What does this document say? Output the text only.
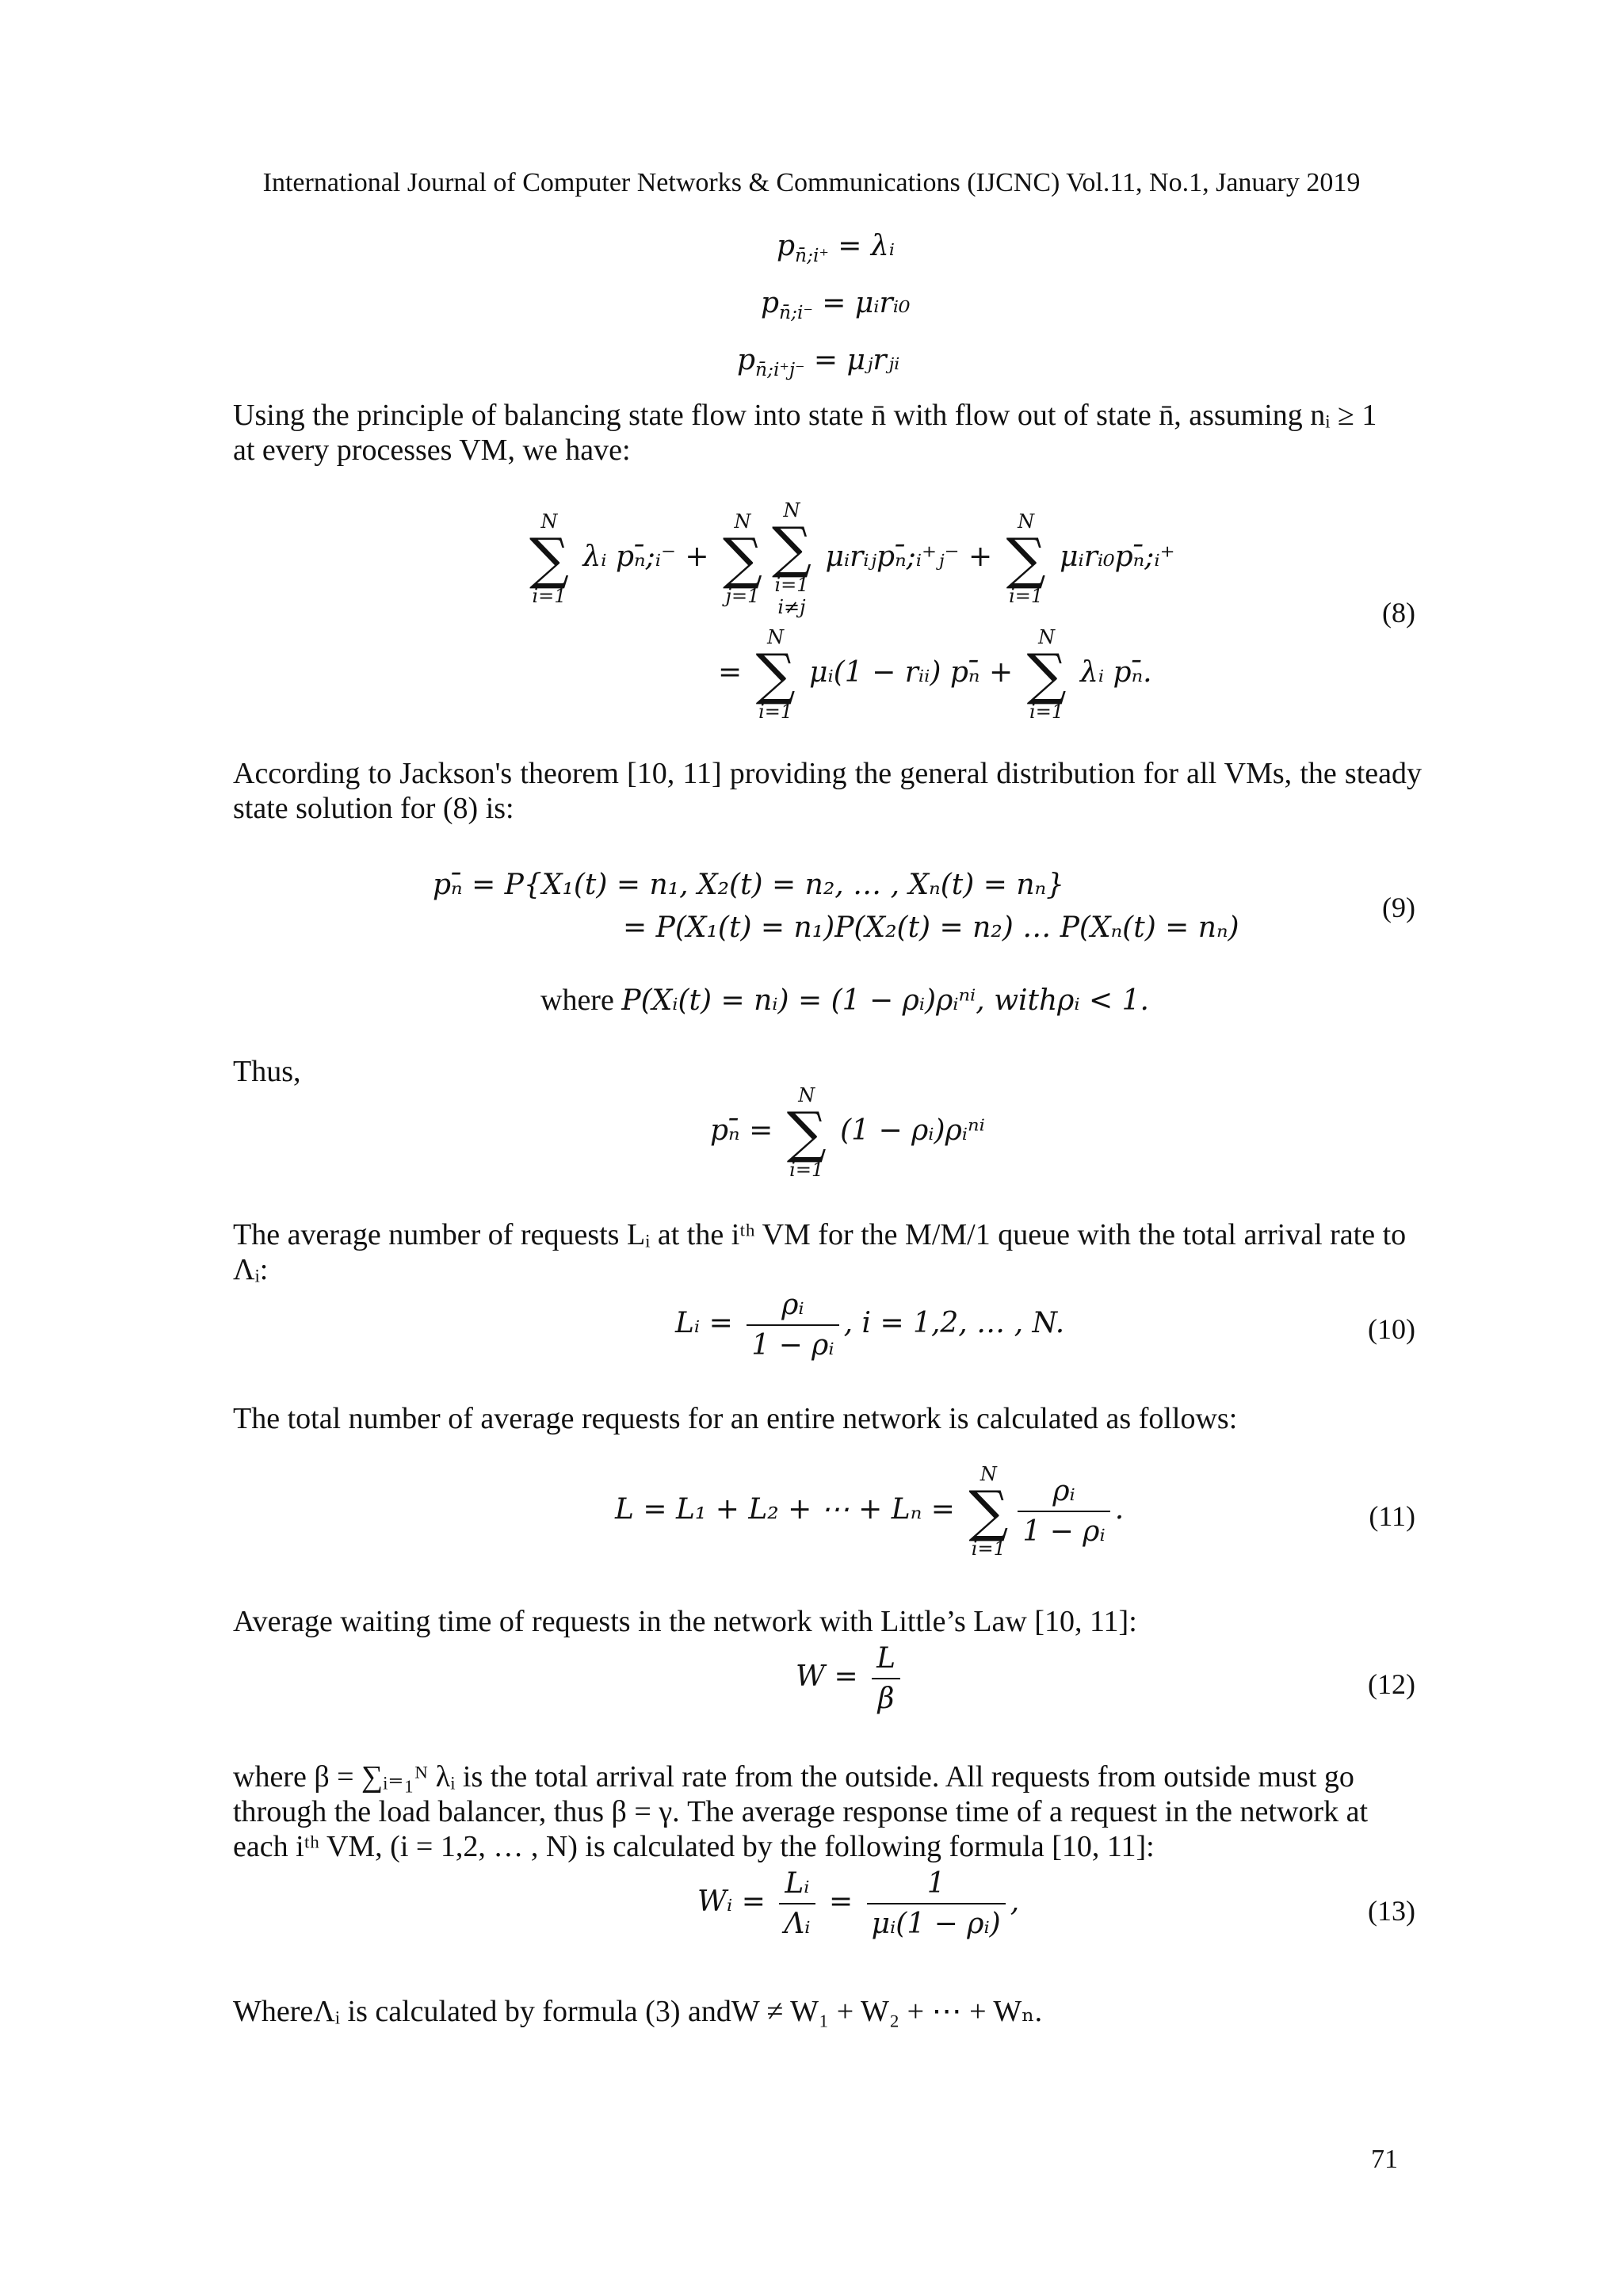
International Journal of Computer Networks & Communications (IJCNC) Vol.11, No.1, January 2019
$p_{n̄;i^+}$ = λᵢ
$p_{n̄;i^-}$ = μᵢrᵢ₀
$p_{n̄;i^+j^-}$ = μⱼrⱼᵢ
Using the principle of balancing state flow into state n̄ with flow out of state n̄, assuming nᵢ ≥ 1
at every processes VM, we have:
N
∑
i=1
λᵢ pₙ̄;ᵢ⁻ +
N
∑
j=1
N
∑
i=1
i≠j
μᵢrᵢⱼpₙ̄;ᵢ⁺ⱼ⁻ +
N
∑
i=1
μᵢrᵢ₀pₙ̄;ᵢ⁺
(8)
=
N
∑
i=1
μᵢ(1 − rᵢᵢ) pₙ̄ +
N
∑
i=1
λᵢ pₙ̄.
According to Jackson's theorem [10, 11] providing the general distribution for all VMs, the steady state solution for (8) is:
pₙ̄ = P{X₁(t) = n₁, X₂(t) = n₂, … , Xₙ(t) = nₙ}
= P(X₁(t) = n₁)P(X₂(t) = n₂) … P(Xₙ(t) = nₙ)
(9)
where P(Xᵢ(t) = nᵢ) = (1 − ρᵢ)ρᵢⁿⁱ, withρᵢ < 1.
Thus,
pₙ̄ =
N
∑
i=1
(1 − ρᵢ)ρᵢⁿⁱ
The average number of requests Lᵢ at the iᵗʰ VM for the M/M/1 queue with the total arrival rate to
Λᵢ:
Lᵢ = $\frac{\text{ρᵢ}}{\text{1 − ρᵢ}}$ , i = 1,2, … , N.	(10)
The total number of average requests for an entire network is calculated as follows:
L = L₁ + L₂ + ⋯ + Lₙ =
N
∑
i=1
$\frac{\text{ρᵢ}}{\text{1 − ρᵢ}}$ .	(11)
Average waiting time of requests in the network with Little’s Law [10, 11]:
$W = \frac{L}{\beta}$	(12)
where β = ∑ᵢ₌₁ᴺ λᵢ is the total arrival rate from the outside. All requests from outside must go
through the load balancer, thus β = γ. The average response time of a request in the network at
each iᵗʰ VM, (i = 1,2, … , N) is calculated by the following formula [10, 11]:
Wᵢ = $\frac{\text{Lᵢ}}{\text{Λᵢ}} = \frac{1}{\text{μᵢ(1 − ρᵢ)}}$ ,	(13)
WhereΛᵢ is calculated by formula (3) andW ≠ W₁ + W₂ + ⋯ + Wₙ.
71
